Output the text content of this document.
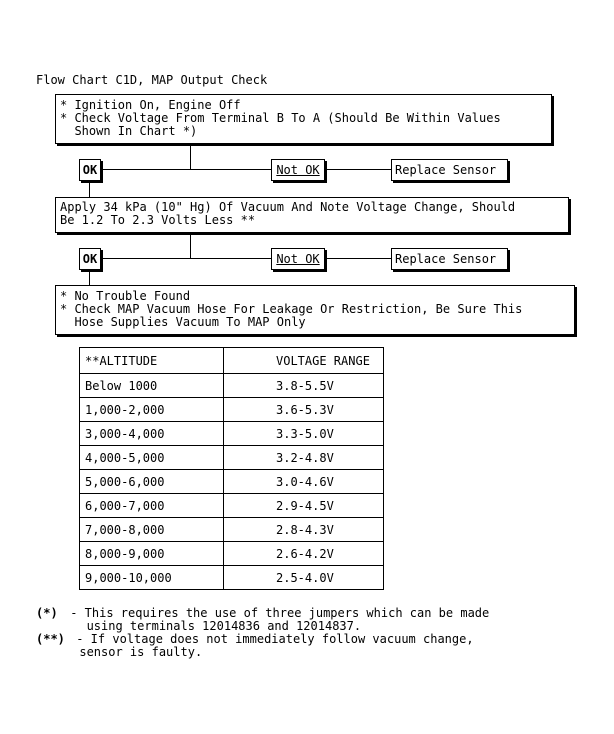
Flow Chart C1D, MAP Output Check
* Ignition On, Engine Off
* Check Voltage From Terminal B To A (Should Be Within Values
Shown In Chart *)
OK	Not OK	Replace Sensor
Apply 34 kPa (10" Hg) Of Vacuum And Note Voltage Change, Should
Be 1.2 To 2.3 Volts Less **
OK	Not OK	Replace Sensor
* No Trouble Found
* Check MAP Vacuum Hose For Leakage Or Restriction, Be Sure This
Hose Supplies Vacuum To MAP Only
**ALTITUDE	VOLTAGE RANGE
Below 1000	3.8-5.5V
1,000-2,000	3.6-5.3V
3,000-4,000	3.3-5.0V
4,000-5,000	3.2-4.8V
5,000-6,000	3.0-4.6V
6,000-7,000	2.9-4.5V
7,000-8,000	2.8-4.3V
8,000-9,000	2.6-4.2V
9,000-10,000	2.5-4.0V
(*) - This requires the use of three jumpers which can be made
using terminals 12014836 and 12014837.
(**) - If voltage does not immediately follow vacuum change,
sensor is faulty.
